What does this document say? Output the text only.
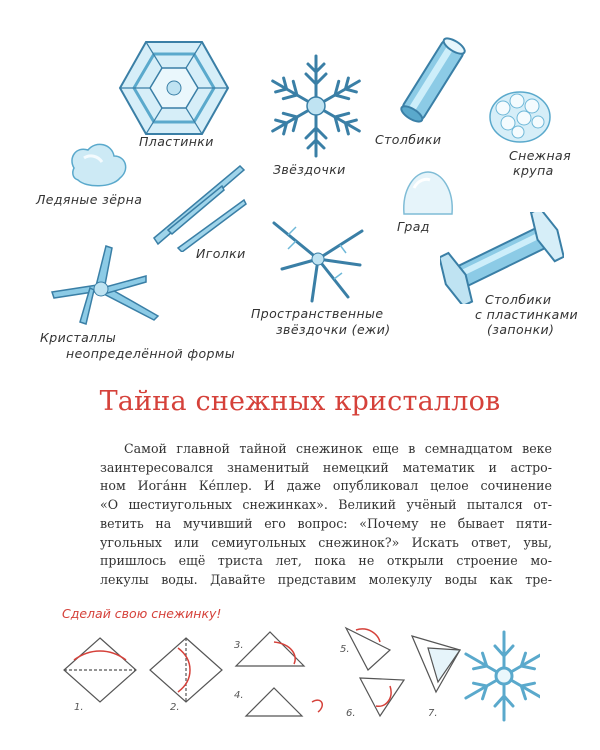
Пластинки
Звёздочки
Столбики
Снежная
крупа
Ледяные зёрна
Иголки
Град
Кристаллы
неопределённой формы
Пространственные
звёздочки (ежи)
Столбики
с пластинками
(запонки)
Тайна снежных кристаллов
Самой главной тайной снежинок еще в семнадцатом веке
заинтересовался знаменитый немецкий математик и астро-
ном Иога́нн Ке́плер. И даже опубликовал целое сочинение
«О шестиугольных снежинках». Великий учёный пытался от-
ветить на мучивший его вопрос: «Почему не бывает пяти-
угольных или семиугольных снежинок?» Искать ответ, увы,
пришлось ещё триста лет, пока не открыли строение мо-
лекулы воды. Давайте представим молекулу воды как тре-
Сделай свою снежинку!
1.	2.
3.
4.
5.
6.	7.
